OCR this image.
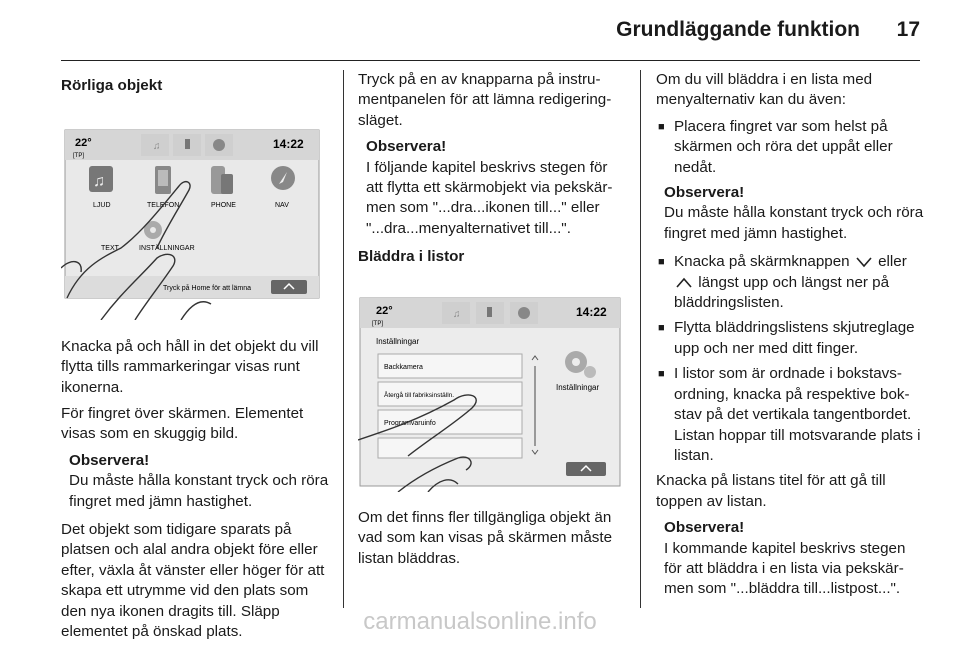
Grundläggande funktion 17
Rörliga objekt
22°
[TP]
♫	14:22
♫
LJUD	TELEFON	PHONE	NAV
TEXT	INSTÄLLNINGAR
Tryck på Home för att lämna

Knacka på och håll in det objekt du vill flytta tills rammarkeringar visas runt ikonerna.

För fingret över skärmen. Elementet visas som en skuggig bild.

Observera!
Du måste hålla konstant tryck och röra fingret med jämn hastighet.

Det objekt som tidigare sparats på platsen och alal andra objekt före eller efter, växla åt vänster eller höger för att skapa ett utrymme vid den plats som den nya ikonen dragits till. Släpp elementet på önskad plats.

Tryck på en av knapparna på instrumentpanelen för att lämna redigeringsläget.

Observera!
I följande kapitel beskrivs stegen för att flytta ett skärmobjekt via pekskärmen som "...dra...ikonen till..." eller "...dra...menyalternativet till...".
Bläddra i listor
22°
[TP]
♫	14:22
Inställningar
Backkamera
Återgå till fabriksinställn.
Programvaruinfo
Inställningar

Om det finns fler tillgängliga objekt än vad som kan visas på skärmen måste listan bläddras.

Om du vill bläddra i en lista med menyalternativ kan du även:

■ Placera fingret var som helst på skärmen och röra det uppåt eller nedåt.
Observera!
Du måste hålla konstant tryck och röra fingret med jämn hastighet.
■ Knacka på skärmknappen eller
längst upp och längst ner på bläddringslisten.
■ Flytta bläddringslistens skjutreglage upp och ner med ditt finger.
■ I listor som är ordnade i bokstavsordning, knacka på respektive bokstav på det vertikala tangentbordet. Listan hoppar till motsvarande plats i listan.

Knacka på listans titel för att gå till toppen av listan.

Observera!
I kommande kapitel beskrivs stegen för att bläddra i en lista via pekskärmen som "...bläddra till...listpost...".
carmanualsonline.info
